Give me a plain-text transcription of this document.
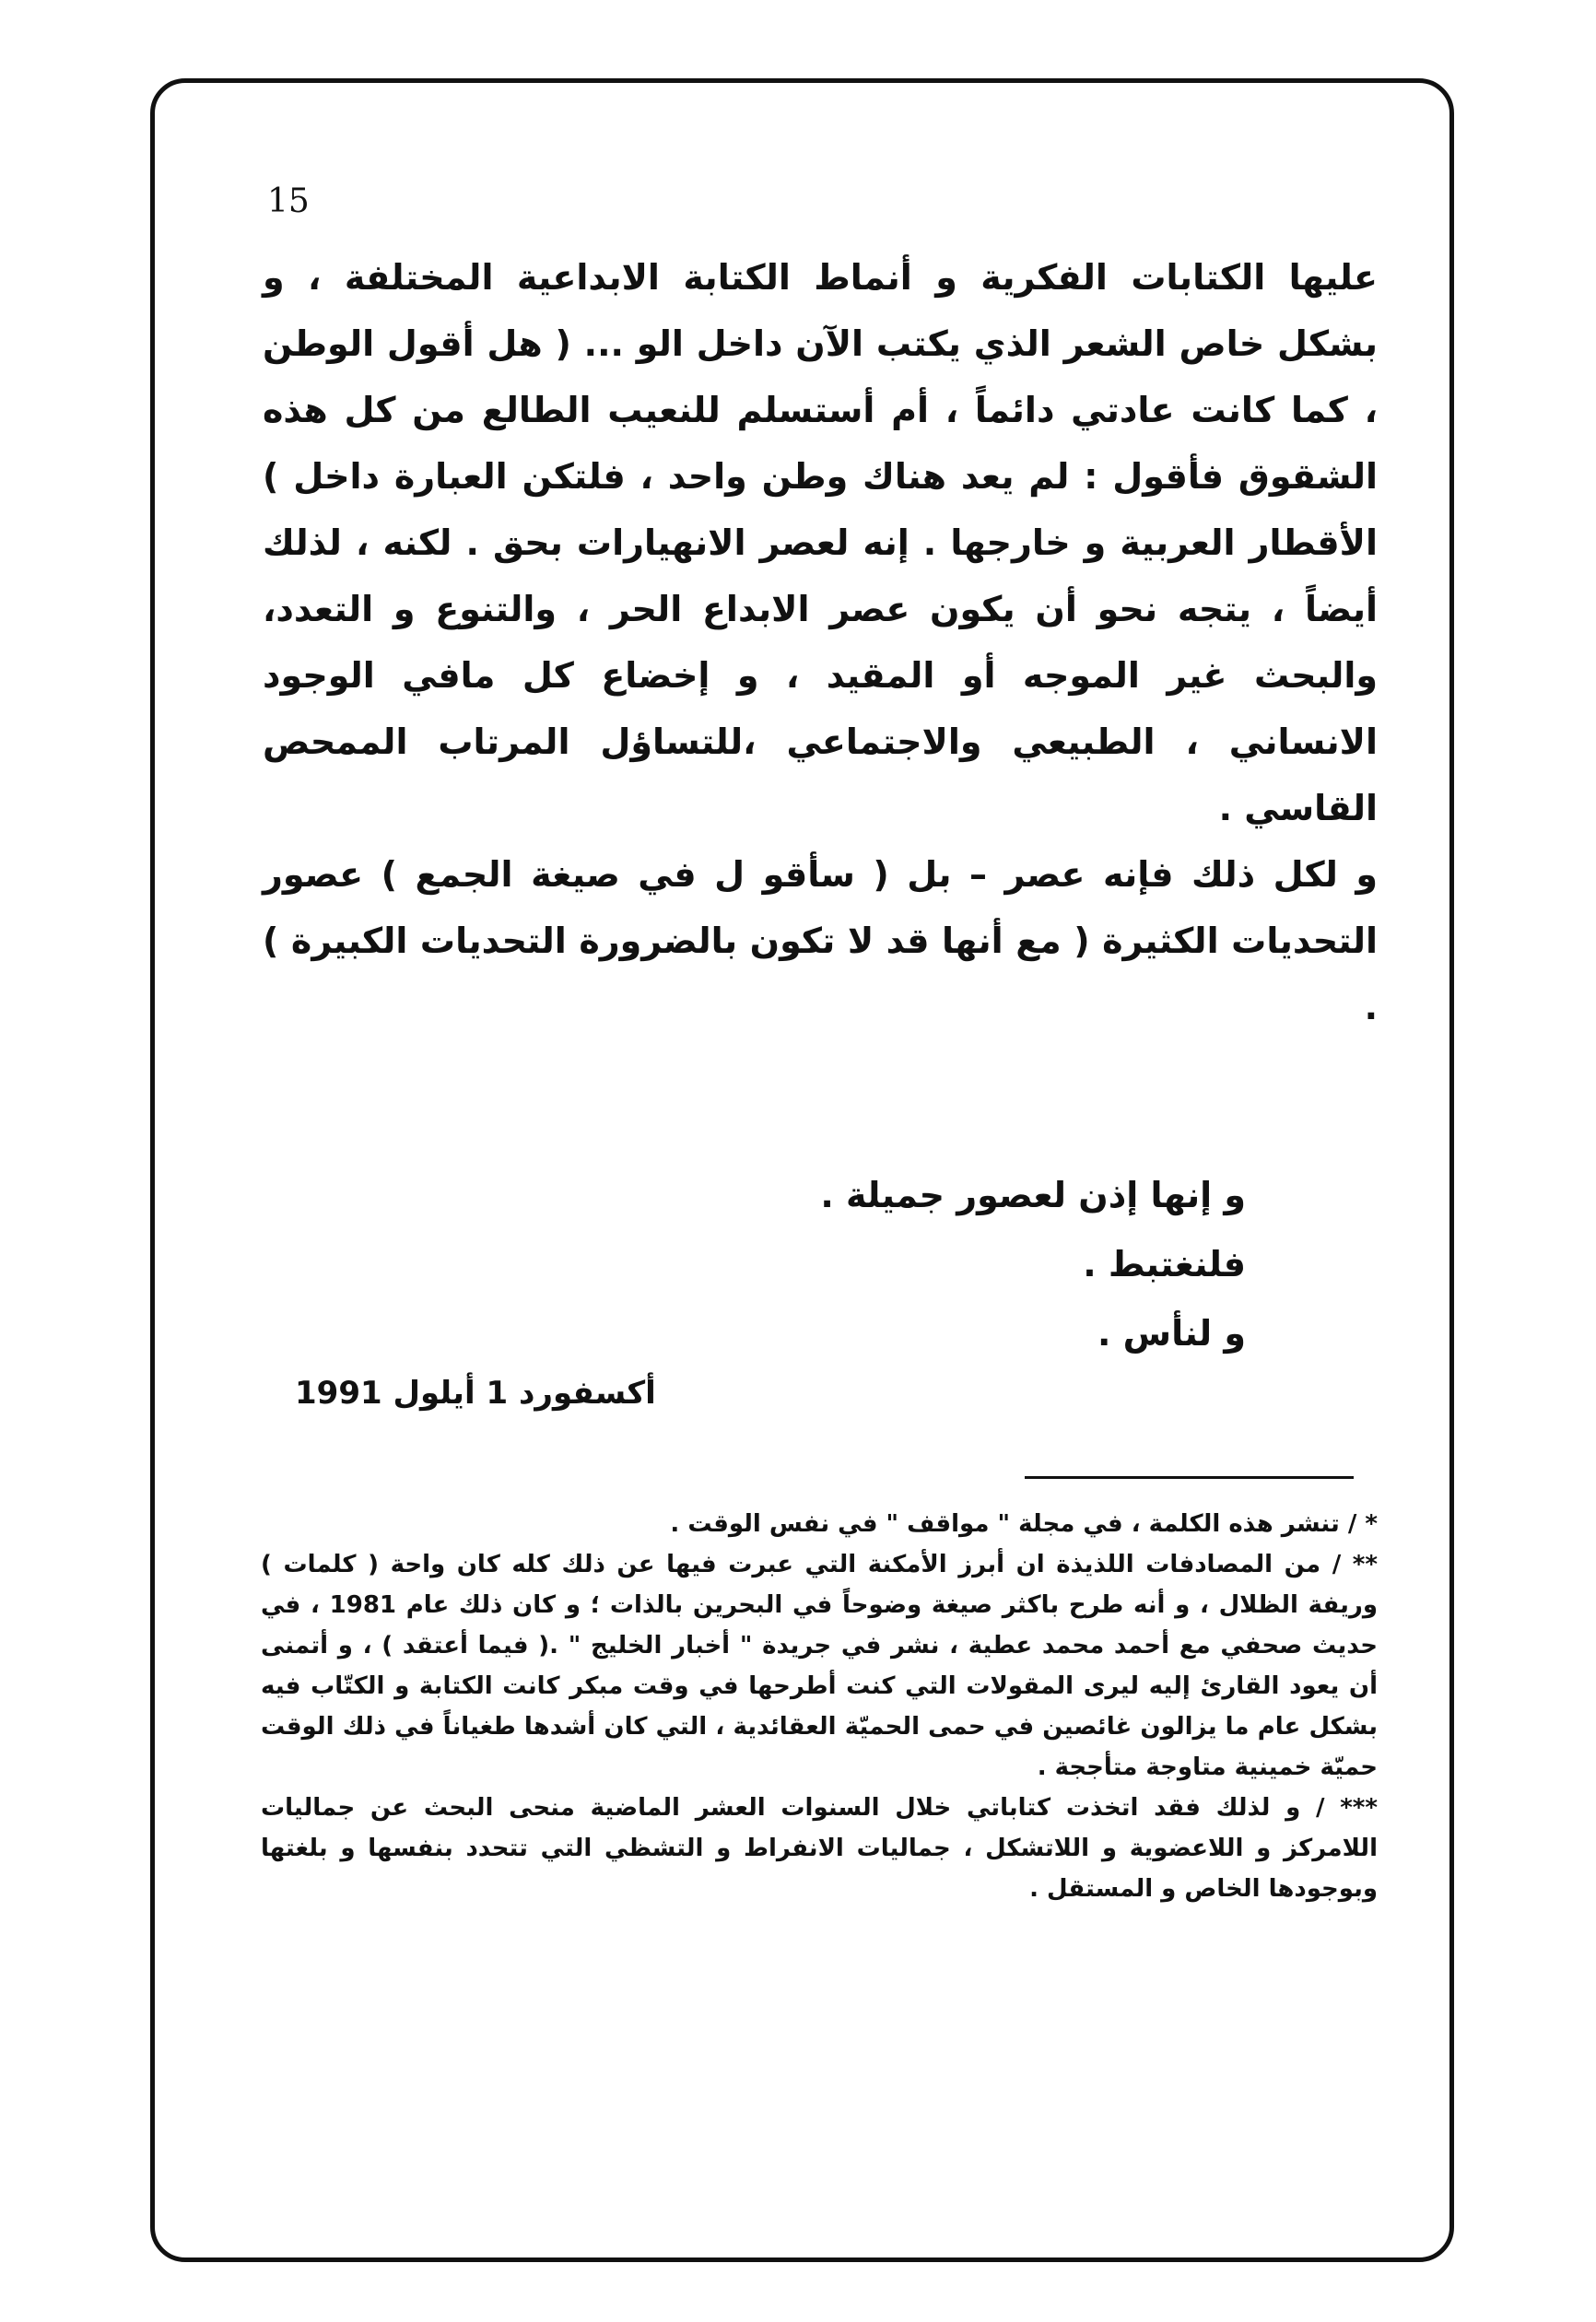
15

عليها الكتابات الفكرية و أنماط الكتابة الابداعية المختلفة ، و بشكل خاص الشعر الذي يكتب الآن داخل الو ... ( هل أقول الوطن ، كما كانت عادتي دائماً ، أم أستسلم للنعيب الطالع من كل هذه الشقوق فأقول : لم يعد هناك وطن واحد ، فلتكن العبارة داخل ) الأقطار العربية و خارجها . إنه لعصر الانهيارات بحق . لكنه ، لذلك أيضاً ، يتجه نحو أن يكون عصر الابداع الحر ، والتنوع و التعدد، والبحث غير الموجه أو المقيد ، و إخضاع كل مافي الوجود الانساني ، الطبيعي والاجتماعي ،للتساؤل المرتاب الممحص القاسي .

و لكل ذلك فإنه عصر – بل ( سأقو ل في صيغة الجمع ) عصور التحديات الكثيرة ( مع أنها قد لا تكون بالضرورة التحديات الكبيرة ) .

و إنها إذن لعصور جميلة .
فلنغتبط .
و لنأس .
أكسفورد 1 أيلول 1991

* / تنشر هذه الكلمة ، في مجلة " مواقف " في نفس الوقت .

** / من المصادفات اللذيذة ان أبرز الأمكنة التي عبرت فيها عن ذلك كله كان واحة ( كلمات ) وريفة الظلال ، و أنه طرح باكثر صيغة وضوحاً في البحرين بالذات ؛ و كان ذلك عام 1981 ، في حديث صحفي مع أحمد محمد عطية ، نشر في جريدة " أخبار الخليج " .( فيما أعتقد ) ، و أتمنى أن يعود القارئ إليه ليرى المقولات التي كنت أطرحها في وقت مبكر كانت الكتابة و الكتّاب فيه بشكل عام ما يزالون غائصين في حمى الحميّة العقائدية ، التي كان أشدها طغياناً في ذلك الوقت حميّة خمينية متاوجة متأججة .

*** / و لذلك فقد اتخذت كتاباتي خلال السنوات العشر الماضية منحى البحث عن جماليات اللامركز و اللاعضوية و اللاتشكل ، جماليات الانفراط و التشظي التي تتحدد بنفسها و بلغتها وبوجودها الخاص و المستقل .
